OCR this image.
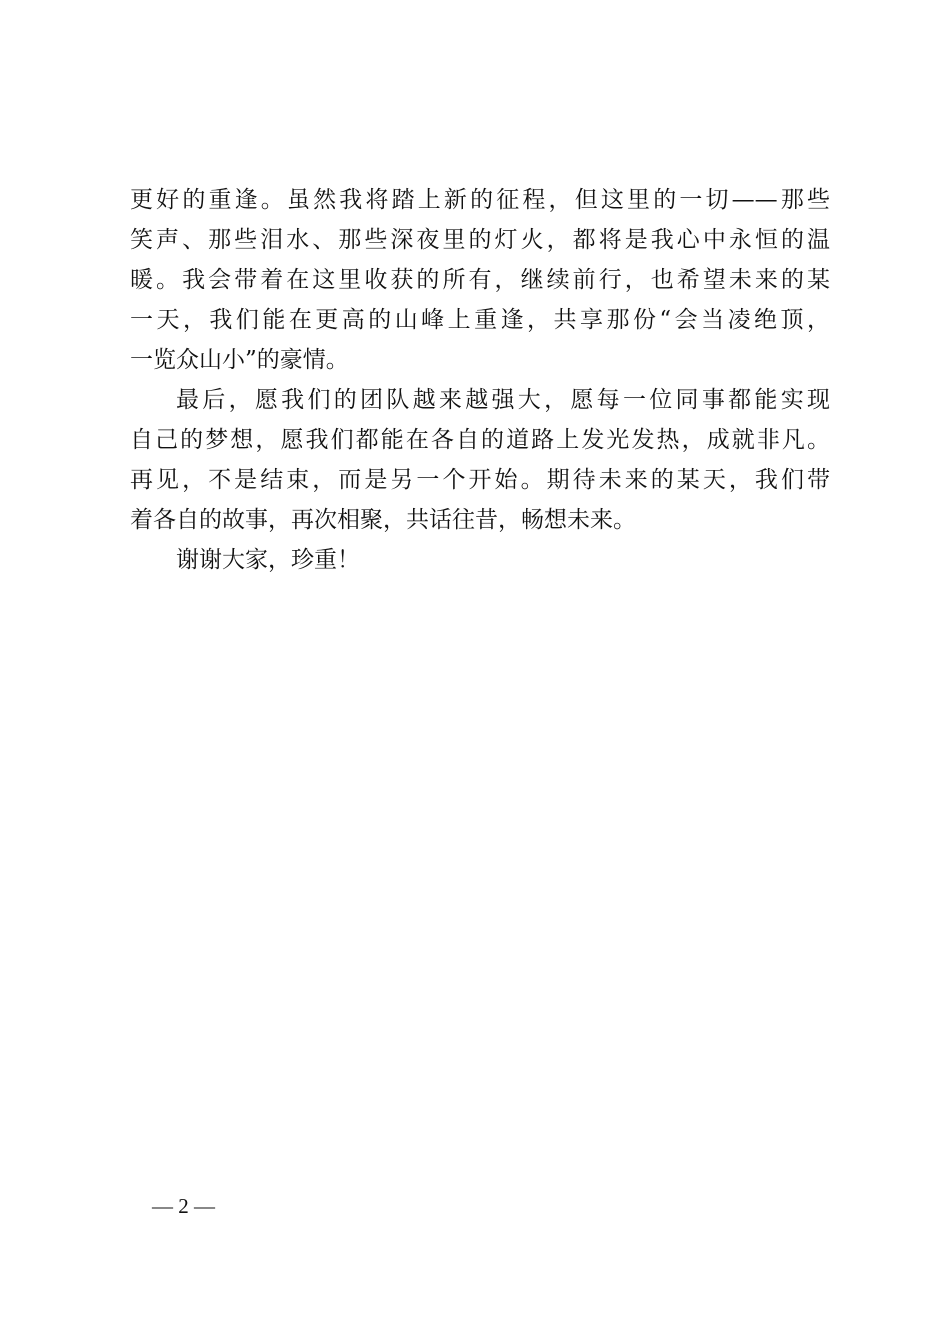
更好的重逢。虽然我将踏上新的征程，但这里的一切——那些
笑声、那些泪水、那些深夜里的灯火，都将是我心中永恒的温
暖。我会带着在这里收获的所有，继续前行，也希望未来的某
一天，我们能在更高的山峰上重逢，共享那份“会当凌绝顶，
一览众山小”的豪情。
最后，愿我们的团队越来越强大，愿每一位同事都能实现
自己的梦想，愿我们都能在各自的道路上发光发热，成就非凡。
再见，不是结束，而是另一个开始。期待未来的某天，我们带
着各自的故事，再次相聚，共话往昔，畅想未来。
谢谢大家，珍重！
— 2 —
